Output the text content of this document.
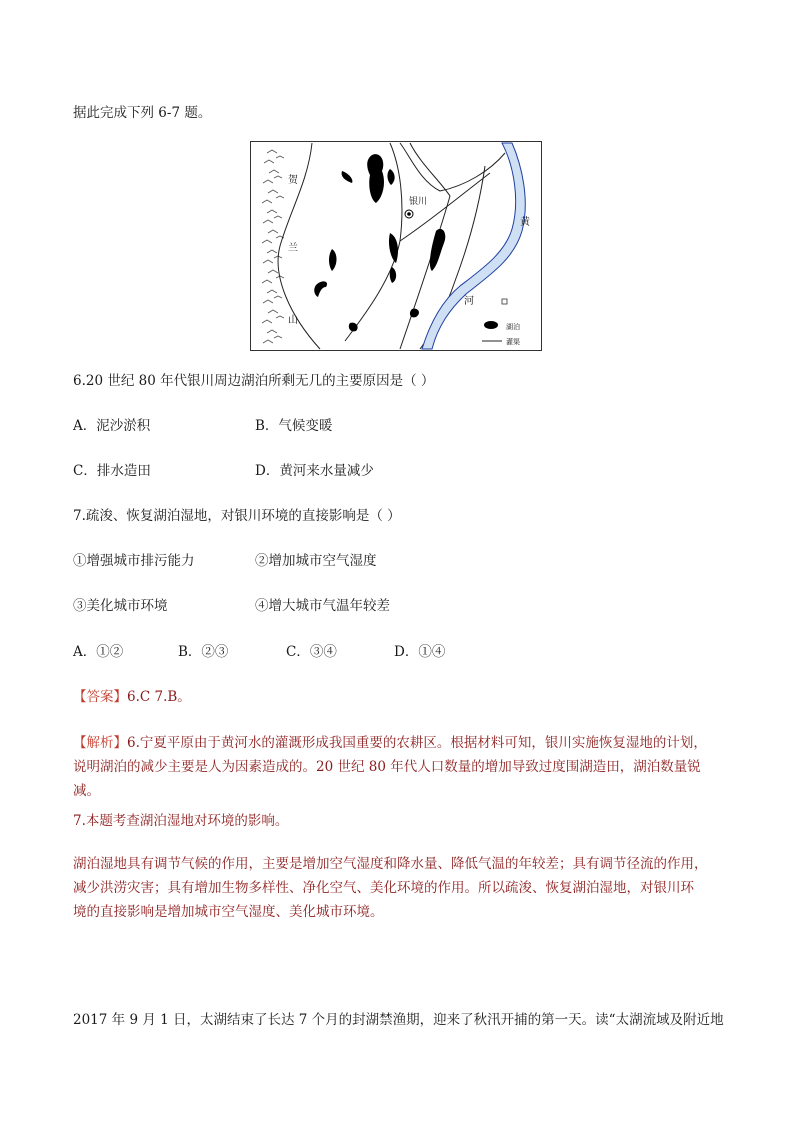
据此完成下列 6-7 题。
银川
贺
兰
山
黄
河
湖泊
灌渠
6.20 世纪 80 年代银川周边湖泊所剩无几的主要原因是（ ）
A．泥沙淤积	B．气候变暖
C．排水造田	D．黄河来水量减少
7.疏浚、恢复湖泊湿地，对银川环境的直接影响是（ ）
①增强城市排污能力	②增加城市空气湿度
③美化城市环境	④增大城市气温年较差
A．①②	B．②③	C．③④	D．①④
【答案】6.C 7.B。
【解析】6.宁夏平原由于黄河水的灌溉形成我国重要的农耕区。根据材料可知，银川实施恢复湿地的计划，
说明湖泊的减少主要是人为因素造成的。20 世纪 80 年代人口数量的增加导致过度围湖造田，湖泊数量锐减。
7.本题考查湖泊湿地对环境的影响。
湖泊湿地具有调节气候的作用，主要是增加空气湿度和降水量、降低气温的年较差；具有调节径流的作用，
减少洪涝灾害；具有增加生物多样性、净化空气、美化环境的作用。所以疏浚、恢复湖泊湿地，对银川环
境的直接影响是增加城市空气湿度、美化城市环境。
2017 年 9 月 1 日，太湖结束了长达 7 个月的封湖禁渔期，迎来了秋汛开捕的第一天。读“太湖流域及附近地
